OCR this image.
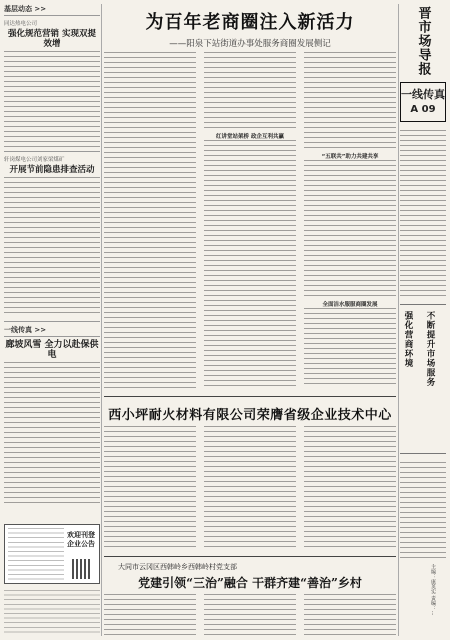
基层动态 >>
同达热电公司
强化规范营销 实现双提效增
轩岗煤电公司刘家梁煤矿
开展节前隐患排查活动
一线传真 >>
廊坡风雪 全力以赴保供电
欢迎刊登 企业公告
为百年老商圈注入新活力
——阳泉下站街道办事处服务商圈发展侧记
红讲堂站架桥 政企互利共赢
“五联共”助力共建共享
全面洁水服服商圈发展
西小坪耐火材料有限公司荣膺省级企业技术中心
大同市云冈区西韩岭乡西韩岭村党支部
党建引领“三治”融合 干群齐建“善治”乡村
晋市场导报
一线传真
A 09
强化营商环境 不断提升市场服务
主编：康英实 责编：…
